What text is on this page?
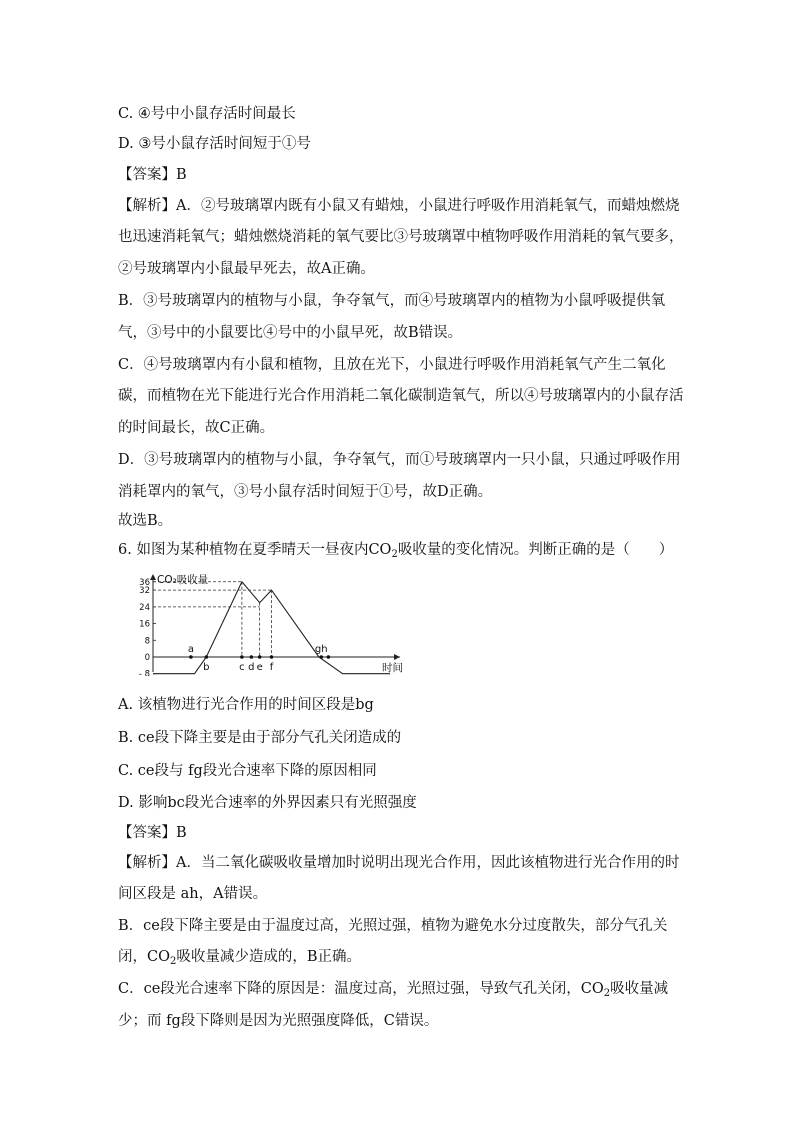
C. ④号中小鼠存活时间最长
D. ③号小鼠存活时间短于①号
【答案】B
【解析】A．②号玻璃罩内既有小鼠又有蜡烛，小鼠进行呼吸作用消耗氧气，而蜡烛燃烧
也迅速消耗氧气；蜡烛燃烧消耗的氧气要比③号玻璃罩中植物呼吸作用消耗的氧气要多，
②号玻璃罩内小鼠最早死去，故A正确。
B．③号玻璃罩内的植物与小鼠，争夺氧气，而④号玻璃罩内的植物为小鼠呼吸提供氧
气，③号中的小鼠要比④号中的小鼠早死，故B错误。
C．④号玻璃罩内有小鼠和植物，且放在光下，小鼠进行呼吸作用消耗氧气产生二氧化
碳，而植物在光下能进行光合作用消耗二氧化碳制造氧气，所以④号玻璃罩内的小鼠存活
的时间最长，故C正确。
D．③号玻璃罩内的植物与小鼠，争夺氧气，而①号玻璃罩内一只小鼠，只通过呼吸作用
消耗罩内的氧气，③号小鼠存活时间短于①号，故D正确。
故选B。
6. 如图为某种植物在夏季晴天一昼夜内$CO_2$吸收量的变化情况。判断正确的是（　　）
CO₂吸收量
时间
36
32
24
16
8
0
- 8
a
b	c d e f
gh
A. 该植物进行光合作用的时间区段是bg
B. ce段下降主要是由于部分气孔关闭造成的
C. ce段与 fg段光合速率下降的原因相同
D. 影响bc段光合速率的外界因素只有光照强度
【答案】B
【解析】A．当二氧化碳吸收量增加时说明出现光合作用，因此该植物进行光合作用的时
间区段是 ah，A错误。
B．ce段下降主要是由于温度过高，光照过强，植物为避免水分过度散失，部分气孔关
闭，$CO_2$吸收量减少造成的，B正确。
C．ce段光合速率下降的原因是：温度过高，光照过强，导致气孔关闭，$CO_2$吸收量减
少；而 fg段下降则是因为光照强度降低，C错误。
